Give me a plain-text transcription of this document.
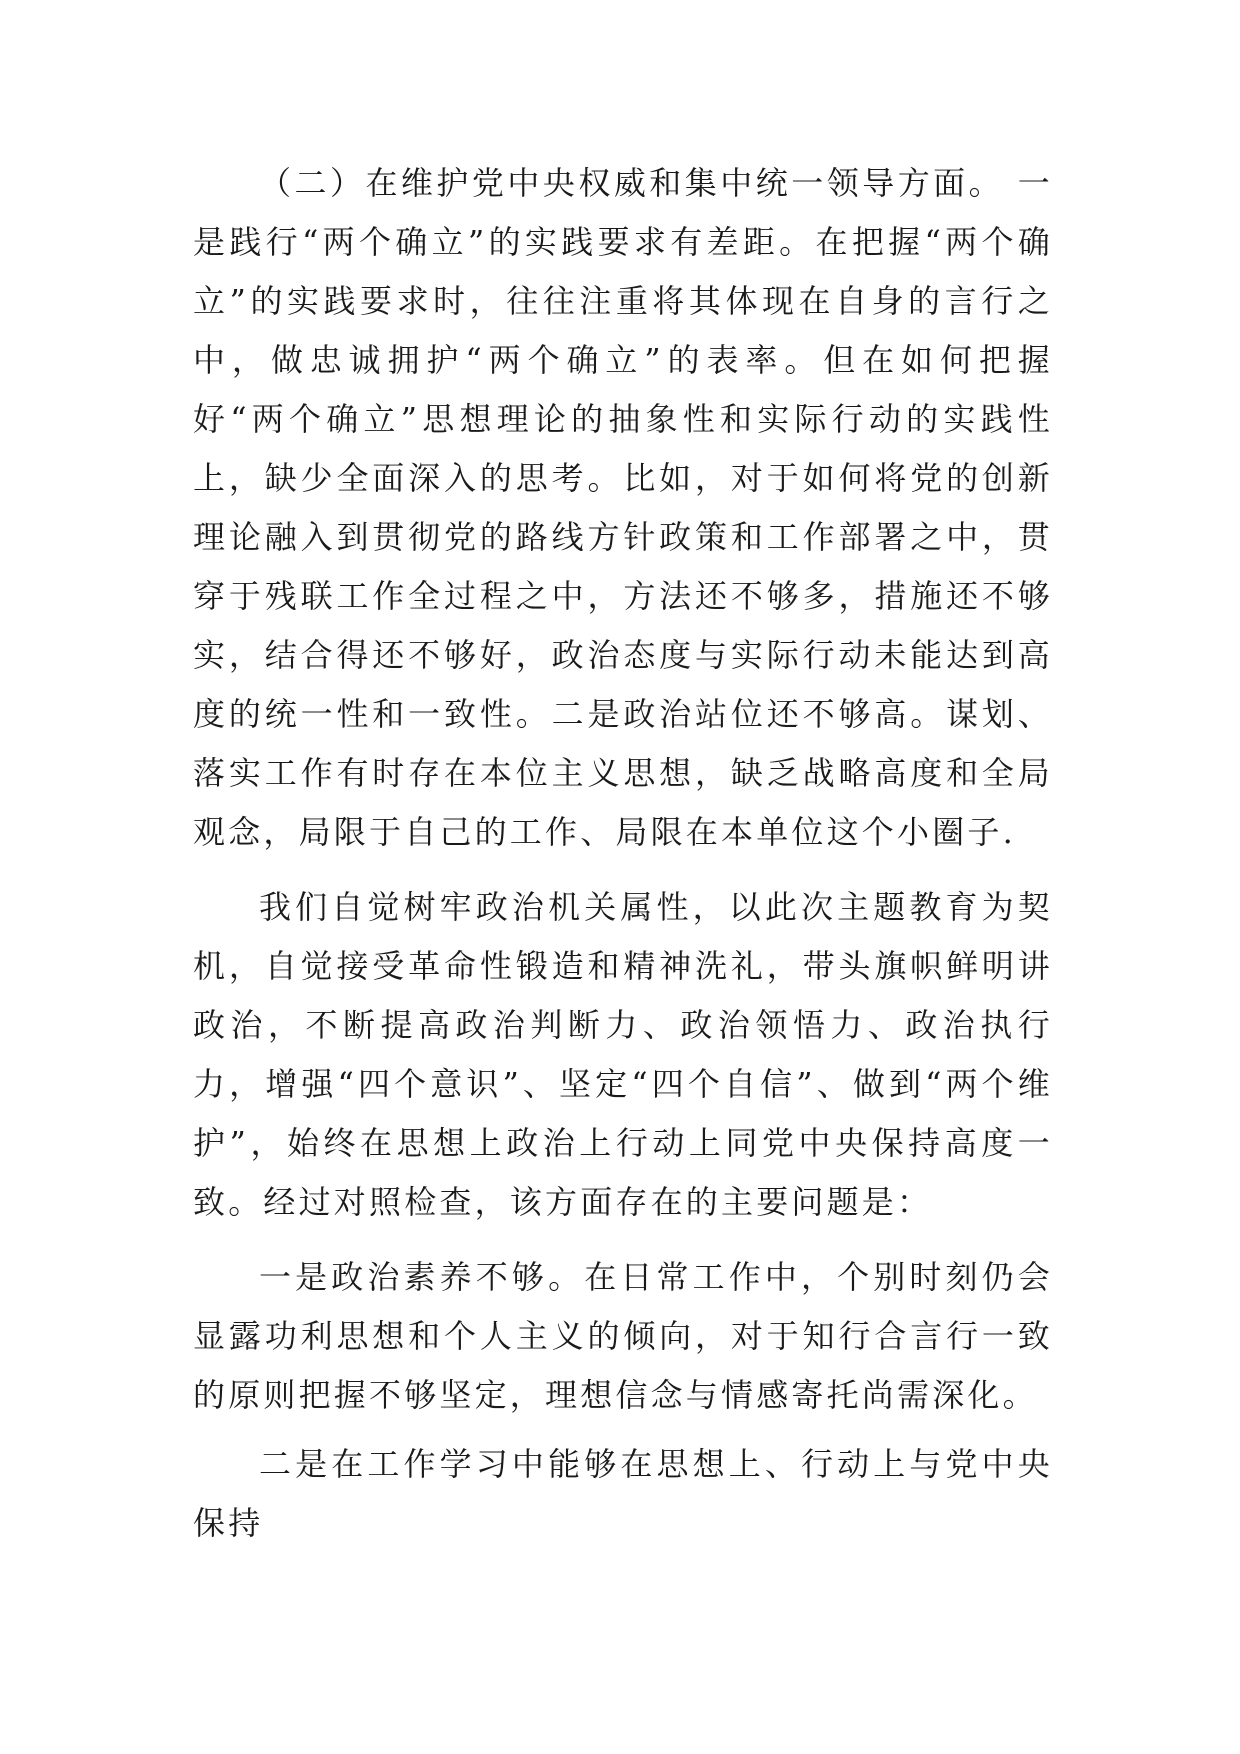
（二）在维护党中央权威和集中统一领导方面。 一是践行“两个确立”的实践要求有差距。在把握“两个确立”的实践要求时，往往注重将其体现在自身的言行之中，做忠诚拥护“两个确立”的表率。但在如何把握好“两个确立”思想理论的抽象性和实际行动的实践性上，缺少全面深入的思考。比如，对于如何将党的创新理论融入到贯彻党的路线方针政策和工作部署之中，贯穿于残联工作全过程之中，方法还不够多，措施还不够实，结合得还不够好，政治态度与实际行动未能达到高度的统一性和一致性。二是政治站位还不够高。谋划、落实工作有时存在本位主义思想，缺乏战略高度和全局观念，局限于自己的工作、局限在本单位这个小圈子.

我们自觉树牢政治机关属性，以此次主题教育为契机，自觉接受革命性锻造和精神洗礼，带头旗帜鲜明讲政治，不断提高政治判断力、政治领悟力、政治执行力，增强“四个意识”、坚定“四个自信”、做到“两个维护”，始终在思想上政治上行动上同党中央保持高度一致。经过对照检查，该方面存在的主要问题是：

一是政治素养不够。在日常工作中，个别时刻仍会显露功利思想和个人主义的倾向，对于知行合言行一致的原则把握不够坚定，理想信念与情感寄托尚需深化。

二是在工作学习中能够在思想上、行动上与党中央保持
